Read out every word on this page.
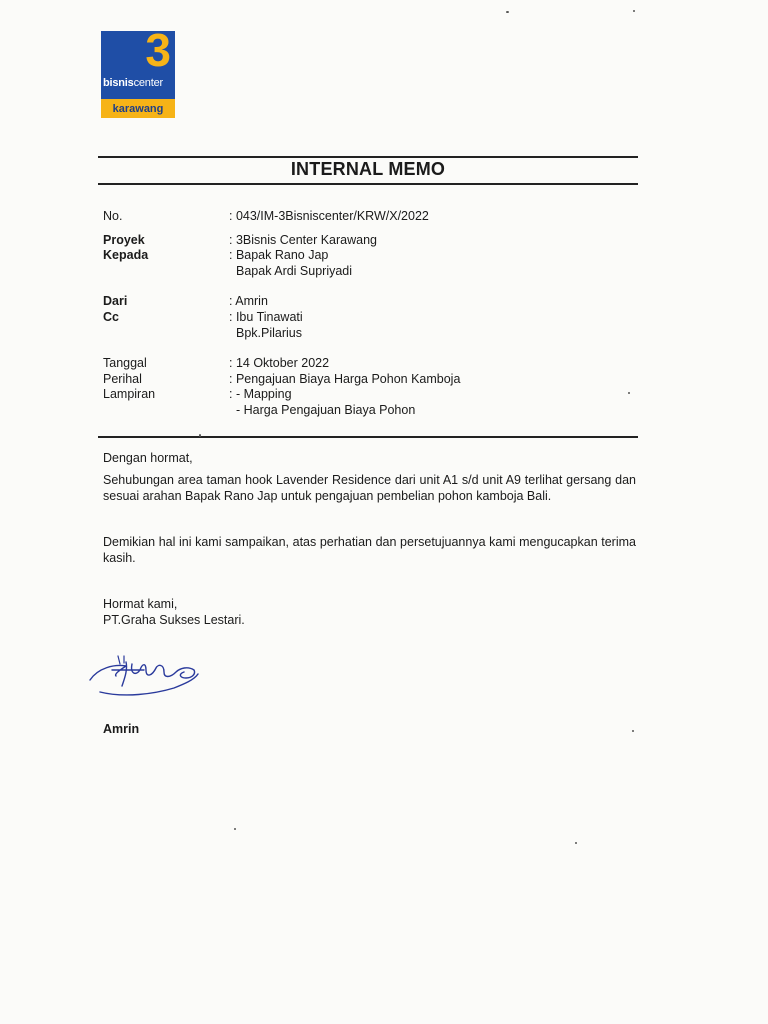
3
bisniscenter
karawang
INTERNAL MEMO
No.	: 043/IM-3Bisniscenter/KRW/X/2022
Proyek	: 3Bisnis Center Karawang
Kepada	: Bapak Rano Jap
Bapak Ardi Supriyadi
Dari	: Amrin
Cc	: Ibu Tinawati
Bpk.Pilarius
Tanggal	: 14 Oktober 2022
Perihal	: Pengajuan Biaya Harga Pohon Kamboja
Lampiran	: - Mapping
- Harga Pengajuan Biaya Pohon
Dengan hormat,
Sehubungan area taman hook Lavender Residence dari unit A1 s/d unit A9 terlihat gersang dan sesuai arahan Bapak Rano Jap untuk pengajuan pembelian pohon kamboja Bali.
Demikian hal ini kami sampaikan, atas perhatian dan persetujuannya kami mengucapkan terima kasih.
Hormat kami,
PT.Graha Sukses Lestari.
Amrin
